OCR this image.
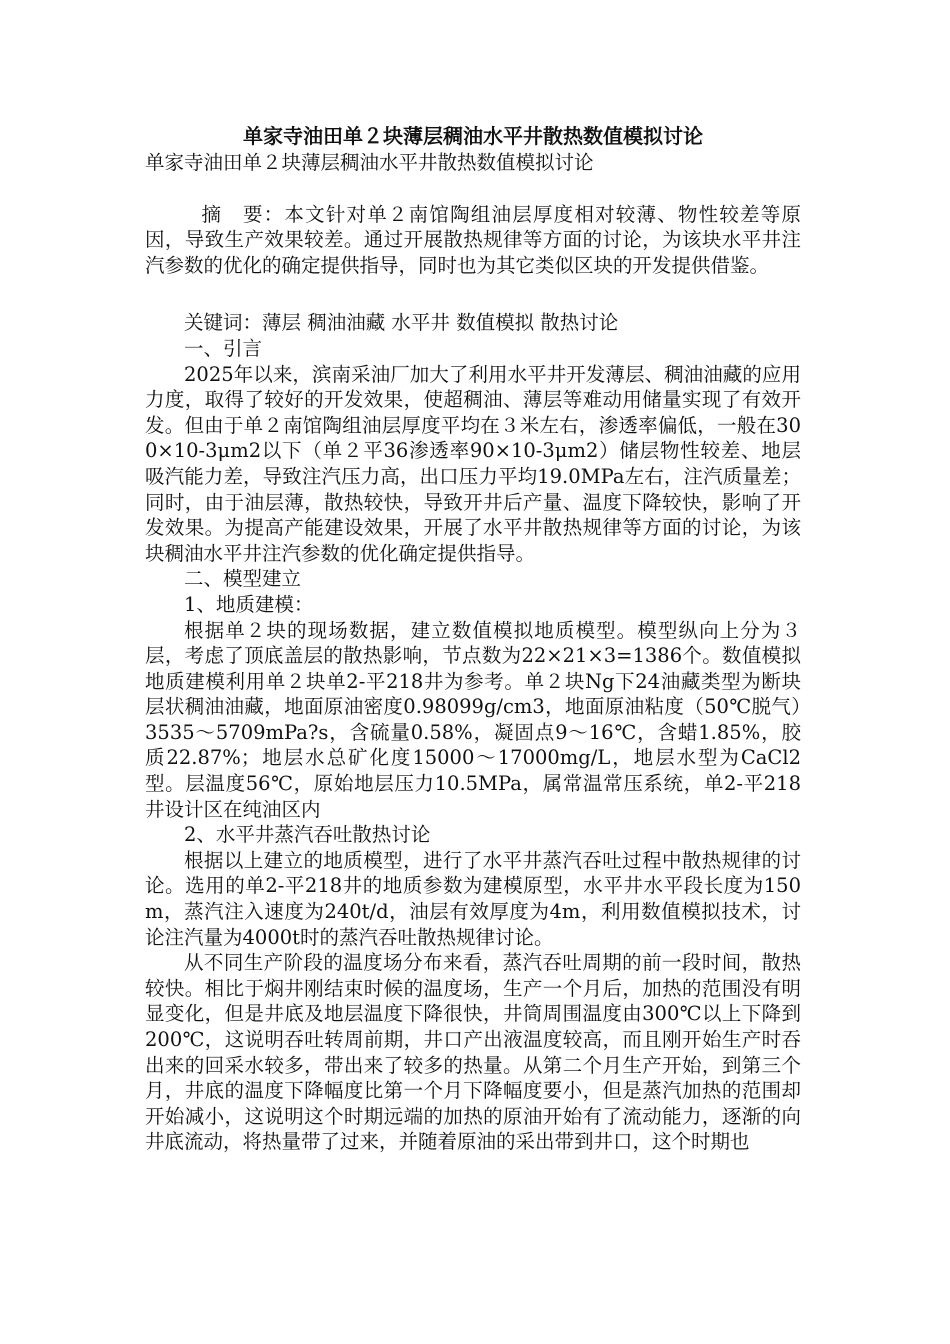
单家寺油田单２块薄层稠油水平井散热数值模拟讨论
单家寺油田单２块薄层稠油水平井散热数值模拟讨论

摘　要：本文针对单２南馆陶组油层厚度相对较薄、物性较差等原因，导致生产效果较差。通过开展散热规律等方面的讨论，为该块水平井注汽参数的优化的确定提供指导，同时也为其它类似区块的开发提供借鉴。

关键词：薄层 稠油油藏 水平井 数值模拟 散热讨论

一、引言

2025年以来，滨南采油厂加大了利用水平井开发薄层、稠油油藏的应用力度，取得了较好的开发效果，使超稠油、薄层等难动用储量实现了有效开发。但由于单２南馆陶组油层厚度平均在３米左右，渗透率偏低，一般在300×10-3μm2以下（单２平36渗透率90×10-3μm2）储层物性较差、地层吸汽能力差，导致注汽压力高，出口压力平均19.0MPa左右，注汽质量差；同时，由于油层薄，散热较快，导致开井后产量、温度下降较快，影响了开发效果。为提高产能建设效果，开展了水平井散热规律等方面的讨论，为该块稠油水平井注汽参数的优化确定提供指导。

二、模型建立

1、地质建模：

根据单２块的现场数据，建立数值模拟地质模型。模型纵向上分为３层，考虑了顶底盖层的散热影响，节点数为22×21×3=1386个。数值模拟地质建模利用单２块单2-平218井为参考。单２块Ng下24油藏类型为断块层状稠油油藏，地面原油密度0.98099g/cm3，地面原油粘度（50℃脱气）3535～5709mPa?s，含硫量0.58%，凝固点9～16℃，含蜡1.85%，胶质22.87%；地层水总矿化度15000～17000mg/L，地层水型为CaCl2型。层温度56℃，原始地层压力10.5MPa，属常温常压系统，单2-平218井设计区在纯油区内

2、水平井蒸汽吞吐散热讨论

根据以上建立的地质模型，进行了水平井蒸汽吞吐过程中散热规律的讨论。选用的单2-平218井的地质参数为建模原型，水平井水平段长度为150m，蒸汽注入速度为240t/d，油层有效厚度为4m，利用数值模拟技术，讨论注汽量为4000t时的蒸汽吞吐散热规律讨论。

从不同生产阶段的温度场分布来看，蒸汽吞吐周期的前一段时间，散热较快。相比于焖井刚结束时候的温度场，生产一个月后，加热的范围没有明显变化，但是井底及地层温度下降很快，井筒周围温度由300℃以上下降到200℃，这说明吞吐转周前期，井口产出液温度较高，而且刚开始生产时吞出来的回采水较多，带出来了较多的热量。从第二个月生产开始，到第三个月，井底的温度下降幅度比第一个月下降幅度要小，但是蒸汽加热的范围却开始减小，这说明这个时期远端的加热的原油开始有了流动能力，逐渐的向井底流动，将热量带了过来，并随着原油的采出带到井口，这个时期也
